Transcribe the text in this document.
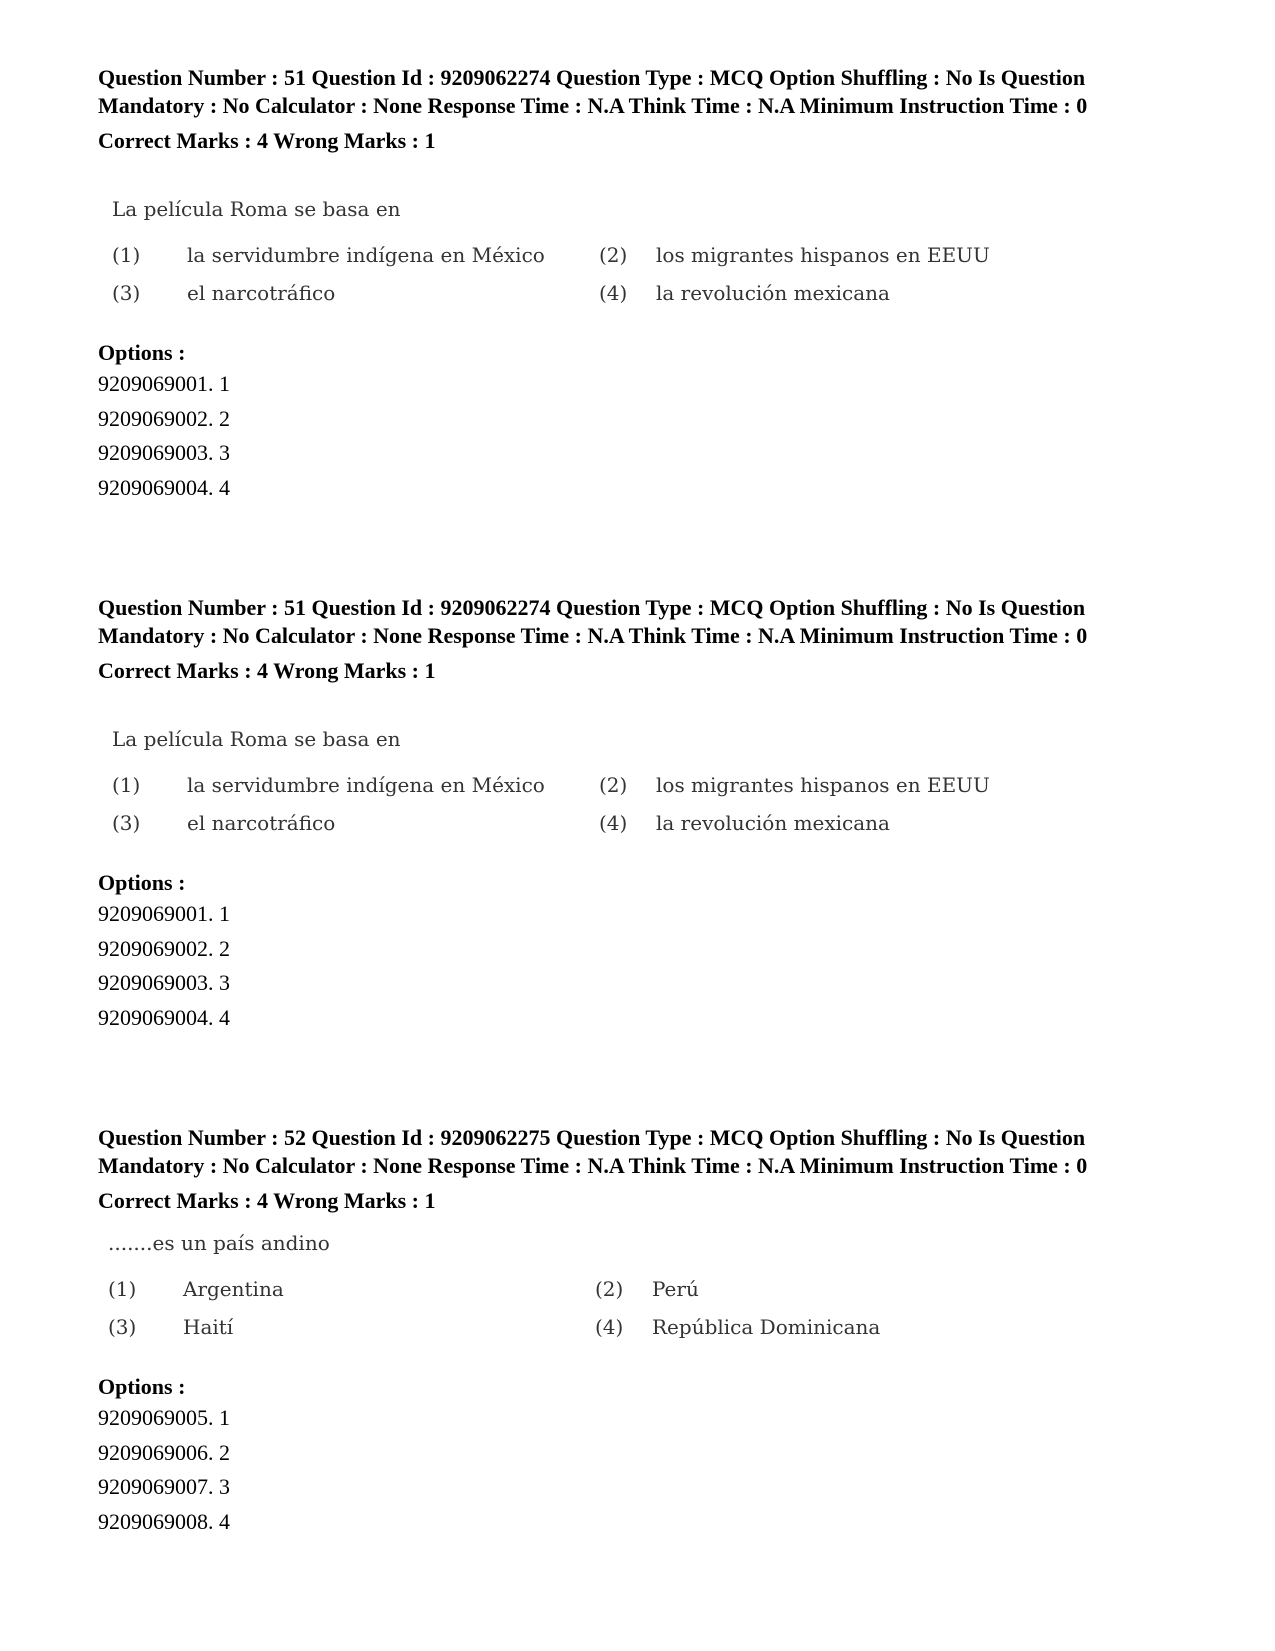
Question Number : 51 Question Id : 9209062274 Question Type : MCQ Option Shuffling : No Is Question Mandatory : No Calculator : None Response Time : N.A Think Time : N.A Minimum Instruction Time : 0
Correct Marks : 4 Wrong Marks : 1
La película Roma se basa en
(1)	la servidumbre indígena en México	(2)	los migrantes hispanos en EEUU
(3)	el narcotráfico	(4)	la revolución mexicana
Options :
9209069001. 1
9209069002. 2
9209069003. 3
9209069004. 4
Question Number : 51 Question Id : 9209062274 Question Type : MCQ Option Shuffling : No Is Question Mandatory : No Calculator : None Response Time : N.A Think Time : N.A Minimum Instruction Time : 0
Correct Marks : 4 Wrong Marks : 1
La película Roma se basa en
(1)	la servidumbre indígena en México	(2)	los migrantes hispanos en EEUU
(3)	el narcotráfico	(4)	la revolución mexicana
Options :
9209069001. 1
9209069002. 2
9209069003. 3
9209069004. 4
Question Number : 52 Question Id : 9209062275 Question Type : MCQ Option Shuffling : No Is Question Mandatory : No Calculator : None Response Time : N.A Think Time : N.A Minimum Instruction Time : 0
Correct Marks : 4 Wrong Marks : 1
.......es un país andino
(1)	Argentina	(2)	Perú
(3)	Haití	(4)	República Dominicana
Options :
9209069005. 1
9209069006. 2
9209069007. 3
9209069008. 4
